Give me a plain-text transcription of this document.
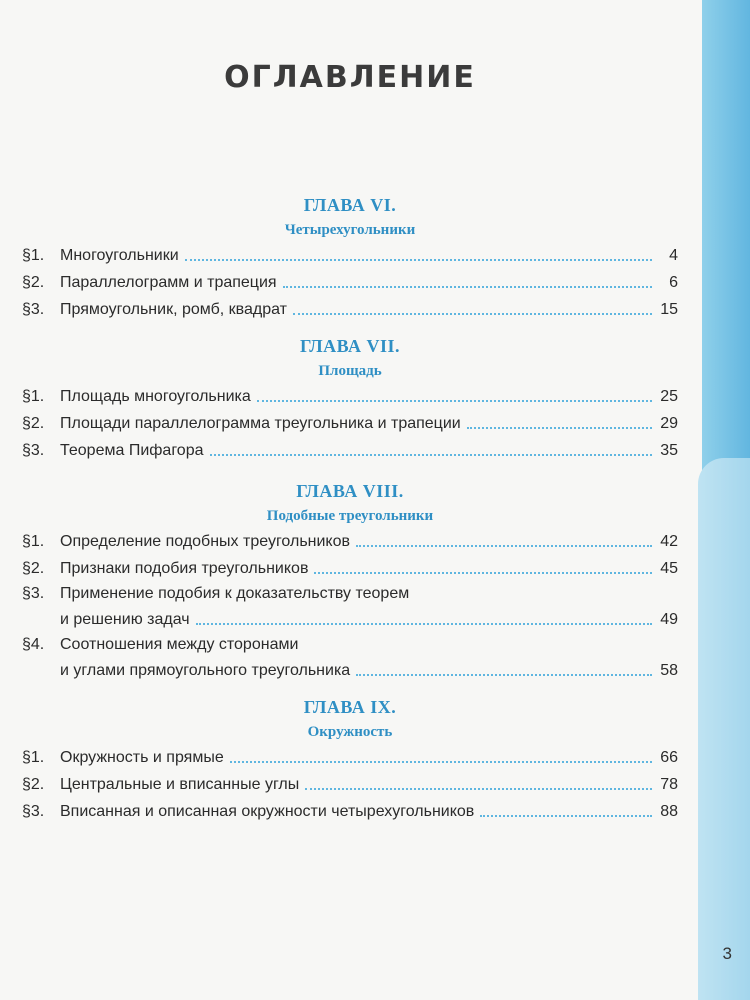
ОГЛАВЛЕНИЕ
ГЛАВА VI.
Четырехугольники
§1. Многоугольники	4
§2. Параллелограмм и трапеция	6
§3. Прямоугольник, ромб, квадрат	15
ГЛАВА VII.
Площадь
§1. Площадь многоугольника	25
§2. Площади параллелограмма треугольника и трапеции	29
§3. Теорема Пифагора	35
ГЛАВА VIII.
Подобные треугольники
§1. Определение подобных треугольников	42
§2. Признаки подобия треугольников	45
§3. Применение подобия к доказательству теорем
и решению задач	49
§4. Соотношения между сторонами
и углами прямоугольного треугольника	58
ГЛАВА IX.
Окружность
§1. Окружность и прямые	66
§2. Центральные и вписанные углы	78
§3. Вписанная и описанная окружности четырехугольников	88
3
